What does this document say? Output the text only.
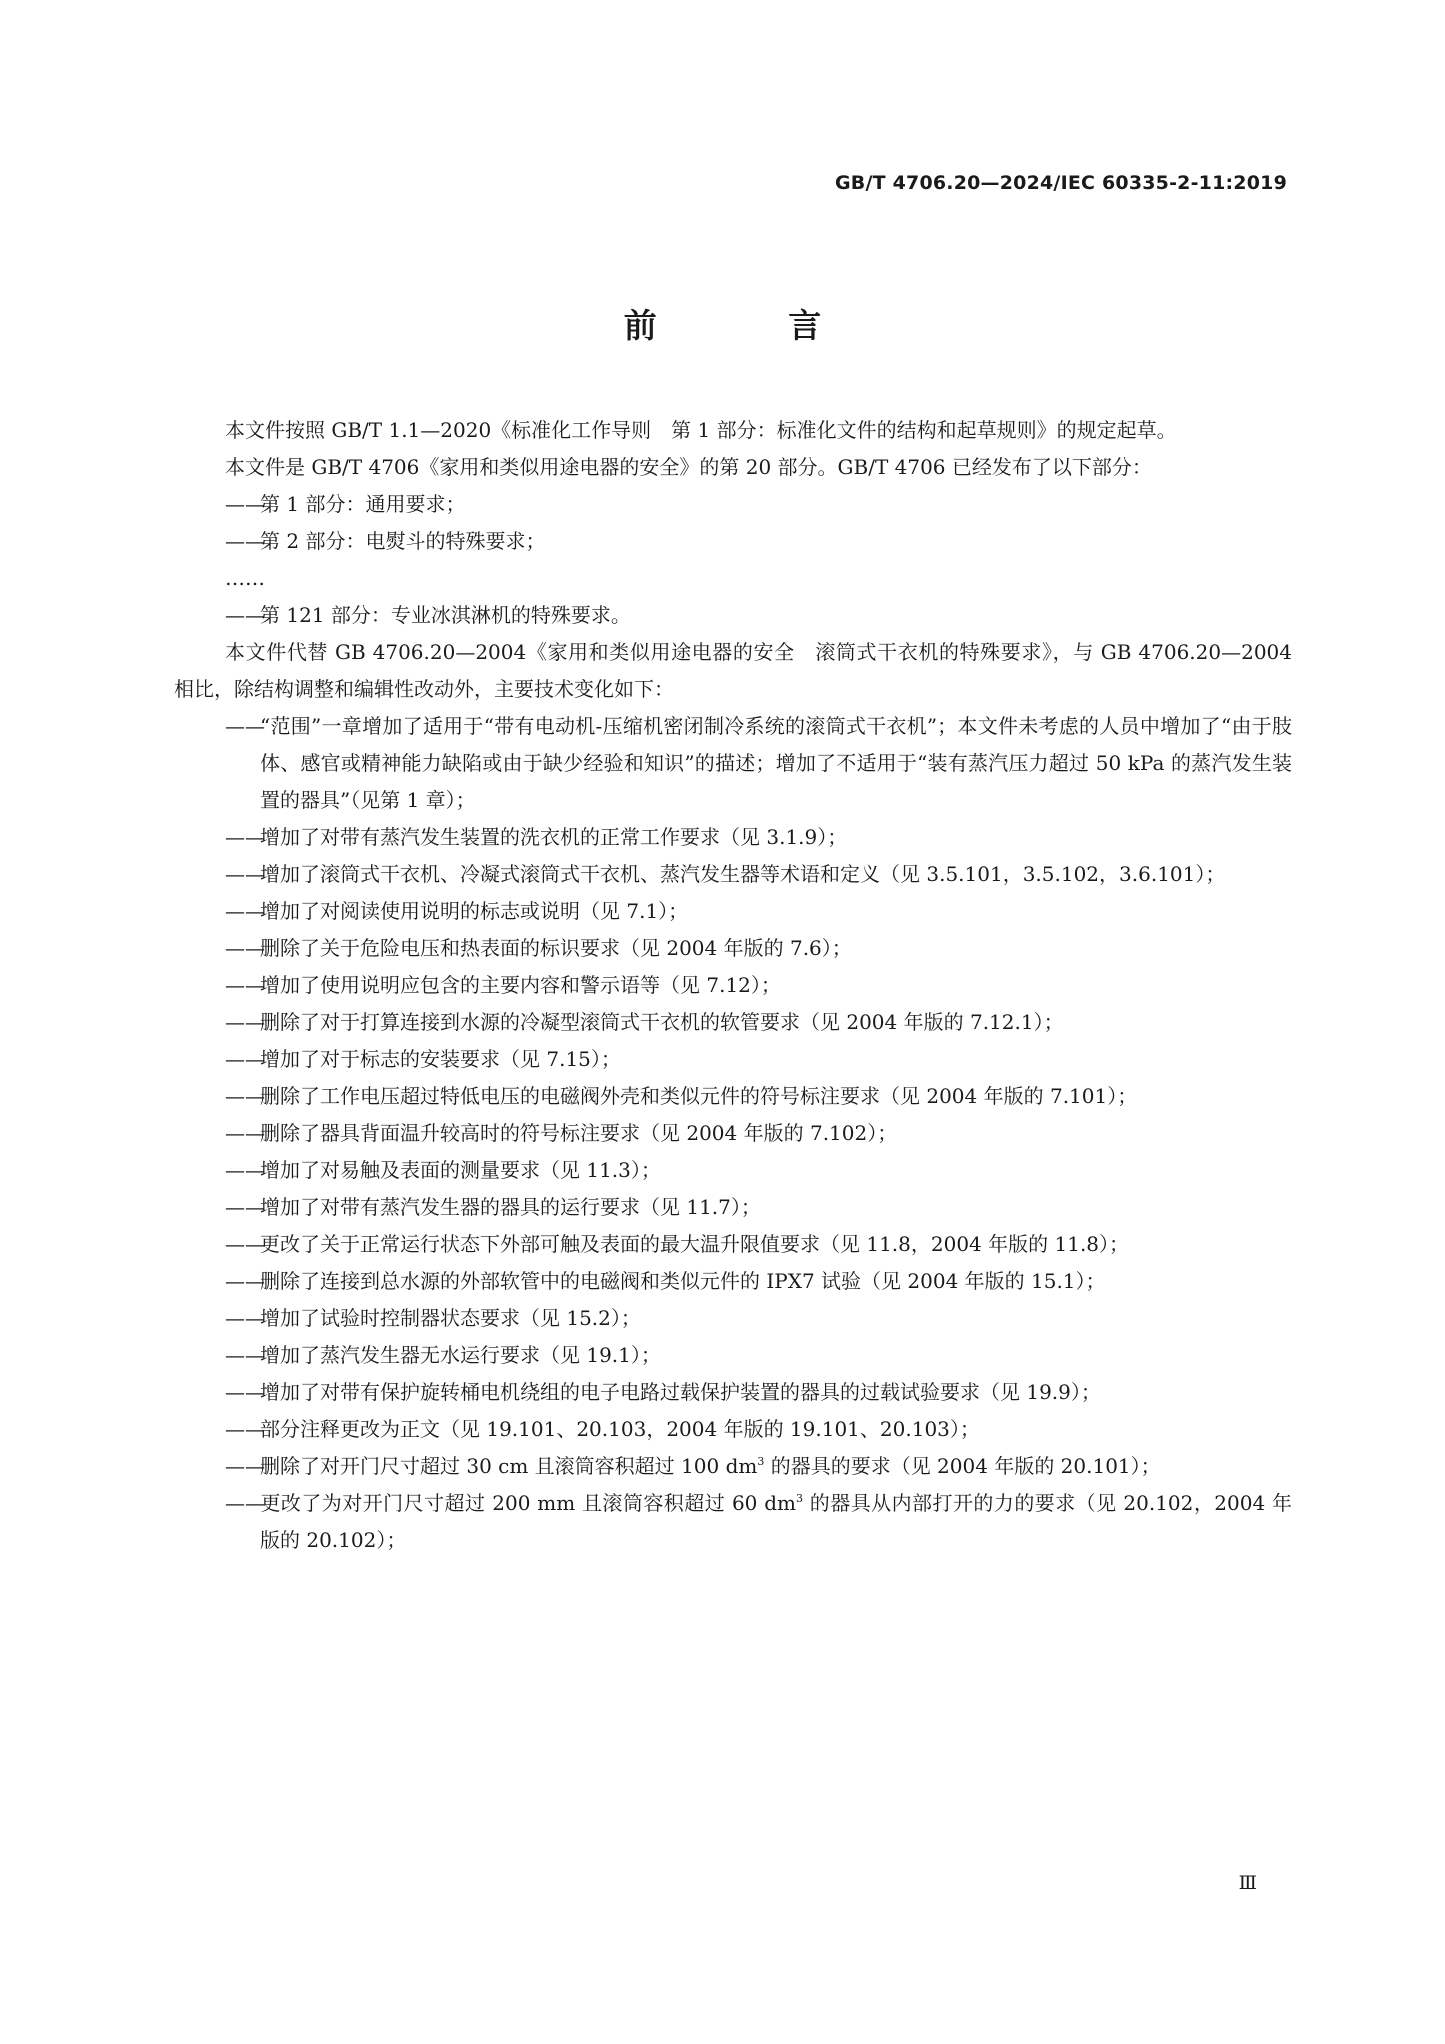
GB/T 4706.20—2024/IEC 60335-2-11:2019
前 言

本文件按照 GB/T 1.1—2020《标准化工作导则　第 1 部分：标准化文件的结构和起草规则》的规定起草。

本文件是 GB/T 4706《家用和类似用途电器的安全》的第 20 部分。GB/T 4706 已经发布了以下部分：

——第 1 部分：通用要求；

——第 2 部分：电熨斗的特殊要求；

……

——第 121 部分：专业冰淇淋机的特殊要求。

本文件代替 GB 4706.20—2004《家用和类似用途电器的安全　滚筒式干衣机的特殊要求》，与 GB 4706.20—2004 相比，除结构调整和编辑性改动外，主要技术变化如下：

——“范围”一章增加了适用于“带有电动机-压缩机密闭制冷系统的滚筒式干衣机”；本文件未考虑的人员中增加了“由于肢体、感官或精神能力缺陷或由于缺少经验和知识”的描述；增加了不适用于“装有蒸汽压力超过 50 kPa 的蒸汽发生装置的器具”（见第 1 章）；

——增加了对带有蒸汽发生装置的洗衣机的正常工作要求（见 3.1.9）；

——增加了滚筒式干衣机、冷凝式滚筒式干衣机、蒸汽发生器等术语和定义（见 3.5.101，3.5.102，3.6.101）；

——增加了对阅读使用说明的标志或说明（见 7.1）；

——删除了关于危险电压和热表面的标识要求（见 2004 年版的 7.6）；

——增加了使用说明应包含的主要内容和警示语等（见 7.12）；

——删除了对于打算连接到水源的冷凝型滚筒式干衣机的软管要求（见 2004 年版的 7.12.1）；

——增加了对于标志的安装要求（见 7.15）；

——删除了工作电压超过特低电压的电磁阀外壳和类似元件的符号标注要求（见 2004 年版的 7.101）；

——删除了器具背面温升较高时的符号标注要求（见 2004 年版的 7.102）；

——增加了对易触及表面的测量要求（见 11.3）；

——增加了对带有蒸汽发生器的器具的运行要求（见 11.7）；

——更改了关于正常运行状态下外部可触及表面的最大温升限值要求（见 11.8，2004 年版的 11.8）；

——删除了连接到总水源的外部软管中的电磁阀和类似元件的 IPX7 试验（见 2004 年版的 15.1）；

——增加了试验时控制器状态要求（见 15.2）；

——增加了蒸汽发生器无水运行要求（见 19.1）；

——增加了对带有保护旋转桶电机绕组的电子电路过载保护装置的器具的过载试验要求（见 19.9）；

——部分注释更改为正文（见 19.101、20.103，2004 年版的 19.101、20.103）；

——删除了对开门尺寸超过 30 cm 且滚筒容积超过 100 $dm^3$ 的器具的要求（见 2004 年版的 20.101）；

——更改了为对开门尺寸超过 200 mm 且滚筒容积超过 60 $dm^3$ 的器具从内部打开的力的要求（见 20.102，2004 年版的 20.102）；

Ⅲ
